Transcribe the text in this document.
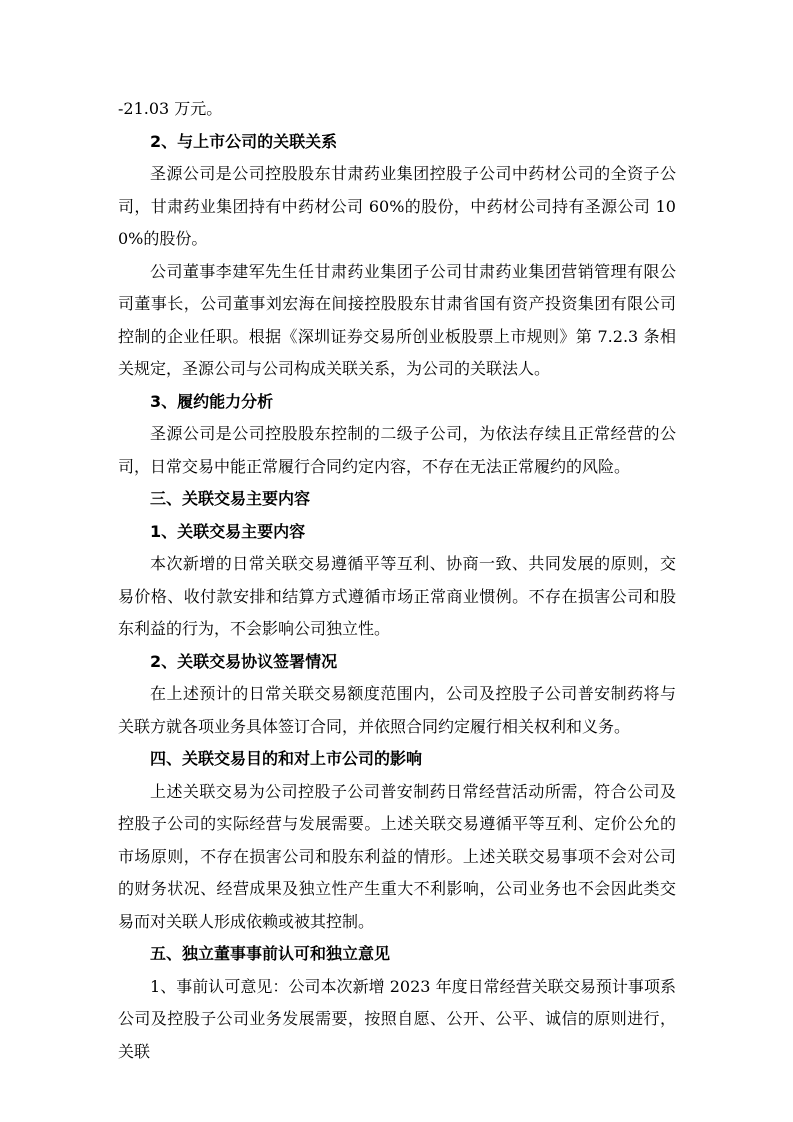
-21.03 万元。

2、与上市公司的关联关系

圣源公司是公司控股股东甘肃药业集团控股子公司中药材公司的全资子公司，甘肃药业集团持有中药材公司 60%的股份，中药材公司持有圣源公司 100%的股份。

公司董事李建军先生任甘肃药业集团子公司甘肃药业集团营销管理有限公司董事长，公司董事刘宏海在间接控股股东甘肃省国有资产投资集团有限公司控制的企业任职。根据《深圳证券交易所创业板股票上市规则》第 7.2.3 条相关规定，圣源公司与公司构成关联关系，为公司的关联法人。

3、履约能力分析

圣源公司是公司控股股东控制的二级子公司，为依法存续且正常经营的公司，日常交易中能正常履行合同约定内容，不存在无法正常履约的风险。

三、关联交易主要内容

1、关联交易主要内容

本次新增的日常关联交易遵循平等互利、协商一致、共同发展的原则，交易价格、收付款安排和结算方式遵循市场正常商业惯例。不存在损害公司和股东利益的行为，不会影响公司独立性。

2、关联交易协议签署情况

在上述预计的日常关联交易额度范围内，公司及控股子公司普安制药将与关联方就各项业务具体签订合同，并依照合同约定履行相关权利和义务。

四、关联交易目的和对上市公司的影响

上述关联交易为公司控股子公司普安制药日常经营活动所需，符合公司及控股子公司的实际经营与发展需要。上述关联交易遵循平等互利、定价公允的市场原则，不存在损害公司和股东利益的情形。上述关联交易事项不会对公司的财务状况、经营成果及独立性产生重大不利影响，公司业务也不会因此类交易而对关联人形成依赖或被其控制。

五、独立董事事前认可和独立意见

1、事前认可意见：公司本次新增 2023 年度日常经营关联交易预计事项系公司及控股子公司业务发展需要，按照自愿、公开、公平、诚信的原则进行，关联
